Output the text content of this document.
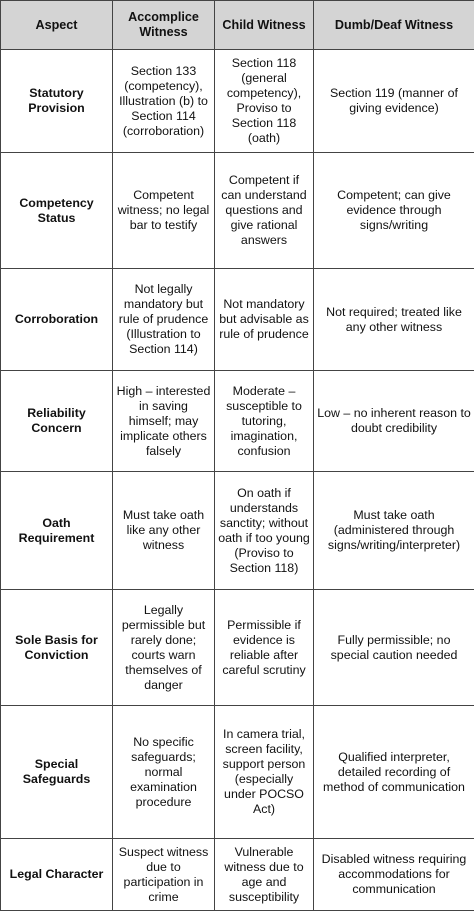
Aspect	Accomplice Witness	Child Witness	Dumb/Deaf Witness
Statutory Provision	Section 133 (competency), Illustration (b) to Section 114 (corroboration)	Section 118 (general competency), Proviso to Section 118 (oath)	Section 119 (manner of giving evidence)
Competency Status	Competent witness; no legal bar to testify	Competent if can understand questions and give rational answers	Competent; can give evidence through signs/writing
Corroboration	Not legally mandatory but rule of prudence (Illustration to Section 114)	Not mandatory but advisable as rule of prudence	Not required; treated like any other witness
Reliability Concern	High – interested in saving himself; may implicate others falsely	Moderate – susceptible to tutoring, imagination, confusion	Low – no inherent reason to doubt credibility
Oath Requirement	Must take oath like any other witness	On oath if understands sanctity; without oath if too young (Proviso to Section 118)	Must take oath (administered through signs/writing/interpreter)
Sole Basis for Conviction	Legally permissible but rarely done; courts warn themselves of danger	Permissible if evidence is reliable after careful scrutiny	Fully permissible; no special caution needed
Special Safeguards	No specific safeguards; normal examination procedure	In camera trial, screen facility, support person (especially under POCSO Act)	Qualified interpreter, detailed recording of method of communication
Legal Character	Suspect witness due to participation in crime	Vulnerable witness due to age and susceptibility	Disabled witness requiring accommodations for communication
